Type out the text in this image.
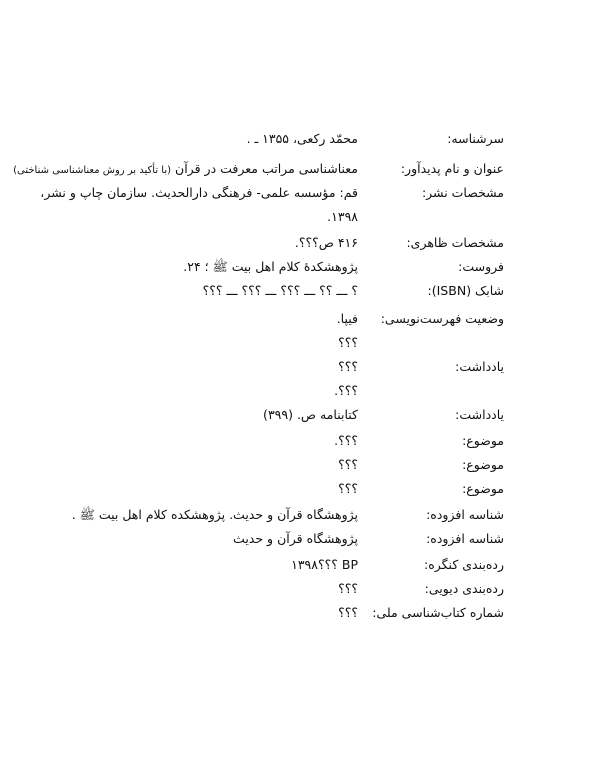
سرشناسه:
محمّد رکعی، ۱۳۵۵ ـ .
عنوان و نام پدیدآور:
معناشناسی مراتب معرفت در قرآن (با تأکید بر روش معناشناسی شناختی)
مشخصات نشر:
قم: مؤسسه علمی- فرهنگی دارالحدیث. سازمان چاپ و نشر،
۱۳۹۸.
مشخصات ظاهری:
۴۱۶ ص؟؟؟.
فروست:
پژوهشکدهٔ کلام اهل بیت ﷺ ؛ ۲۴.
شابک (ISBN):
؟ ـــ ؟؟ ـــ ؟؟؟ ـــ ؟؟؟ ـــ ؟؟؟
وضعیت فهرست‌نویسی:
فیپا.
؟؟؟
یادداشت:
؟؟؟
؟؟؟.
یادداشت:
کتابنامه ص. (۳۹۹)
موضوع:
؟؟؟.
موضوع:
؟؟؟
موضوع:
؟؟؟
شناسه افزوده:
پژوهشگاه قرآن و حدیث. پژوهشکده کلام اهل بیت ﷺ .
شناسه افزوده:
پژوهشگاه قرآن و حدیث
رده‌بندی کنگره:
BP ؟؟؟۱۳۹۸
رده‌بندی دیویی:
؟؟؟
شماره کتاب‌شناسی ملی:
؟؟؟
